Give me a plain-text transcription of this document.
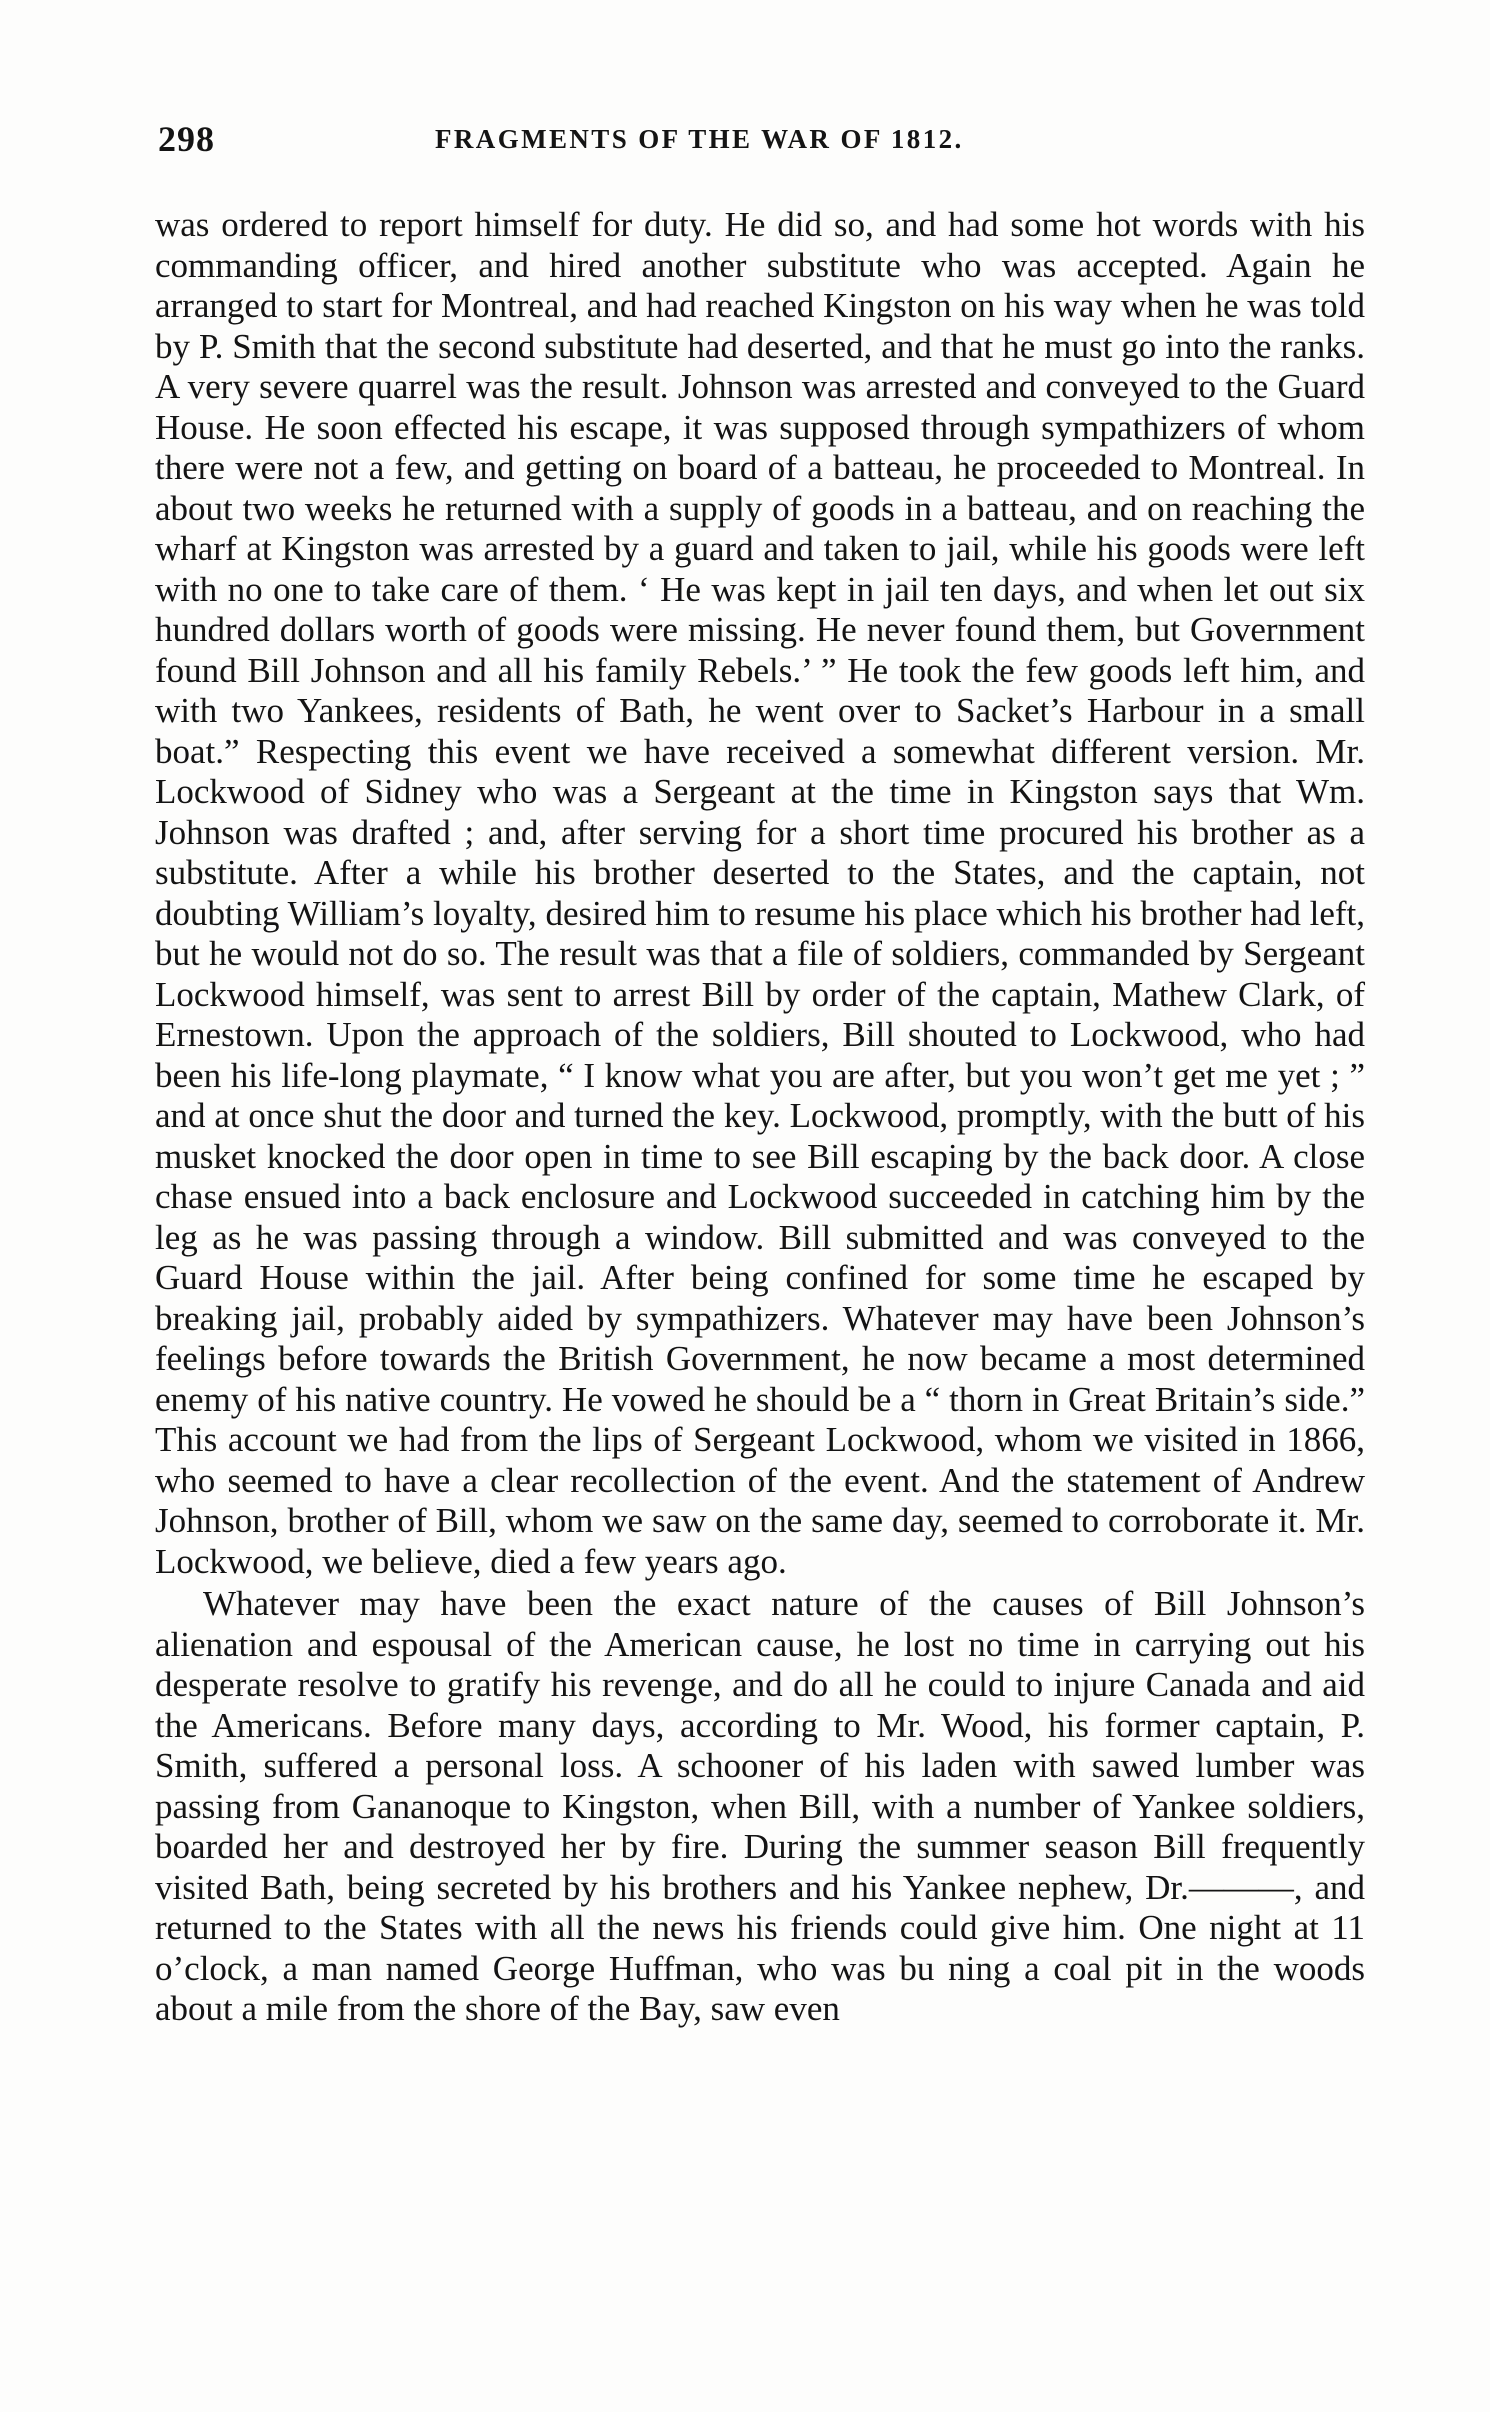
298	FRAGMENTS OF THE WAR OF 1812.

was ordered to report himself for duty. He did so, and had some hot words with his commanding officer, and hired another substitute who was accepted. Again he arranged to start for Montreal, and had reached Kingston on his way when he was told by P. Smith that the second substitute had deserted, and that he must go into the ranks. A very severe quarrel was the result. Johnson was arrested and conveyed to the Guard House. He soon effected his escape, it was supposed through sympathizers of whom there were not a few, and getting on board of a batteau, he proceeded to Montreal. In about two weeks he returned with a supply of goods in a batteau, and on reaching the wharf at Kingston was arrested by a guard and taken to jail, while his goods were left with no one to take care of them. ‘ He was kept in jail ten days, and when let out six hundred dollars worth of goods were missing. He never found them, but Government found Bill Johnson and all his family Rebels.’ ” He took the few goods left him, and with two Yankees, residents of Bath, he went over to Sacket’s Harbour in a small boat.” Respecting this event we have received a somewhat different version. Mr. Lockwood of Sidney who was a Sergeant at the time in Kingston says that Wm. Johnson was drafted ; and, after serving for a short time procured his brother as a substitute. After a while his brother deserted to the States, and the captain, not doubting William’s loyalty, desired him to resume his place which his brother had left, but he would not do so. The result was that a file of soldiers, commanded by Sergeant Lockwood himself, was sent to arrest Bill by order of the captain, Mathew Clark, of Ernestown. Upon the approach of the soldiers, Bill shouted to Lockwood, who had been his life-long playmate, “ I know what you are after, but you won’t get me yet ; ” and at once shut the door and turned the key. Lockwood, promptly, with the butt of his musket knocked the door open in time to see Bill escaping by the back door. A close chase ensued into a back enclosure and Lockwood succeeded in catching him by the leg as he was passing through a window. Bill submitted and was conveyed to the Guard House within the jail. After being confined for some time he escaped by breaking jail, probably aided by sympathizers. Whatever may have been Johnson’s feelings before towards the British Government, he now became a most determined enemy of his native country. He vowed he should be a “ thorn in Great Britain’s side.” This account we had from the lips of Sergeant Lockwood, whom we visited in 1866, who seemed to have a clear recollection of the event. And the statement of Andrew Johnson, brother of Bill, whom we saw on the same day, seemed to corroborate it. Mr. Lockwood, we believe, died a few years ago.

Whatever may have been the exact nature of the causes of Bill Johnson’s alienation and espousal of the American cause, he lost no time in carrying out his desperate resolve to gratify his revenge, and do all he could to injure Canada and aid the Americans. Before many days, according to Mr. Wood, his former captain, P. Smith, suffered a personal loss. A schooner of his laden with sawed lumber was passing from Gananoque to Kingston, when Bill, with a number of Yankee soldiers, boarded her and destroyed her by fire. During the summer season Bill frequently visited Bath, being secreted by his brothers and his Yankee nephew, Dr.———, and returned to the States with all the news his friends could give him. One night at 11 o’clock, a man named George Huffman, who was bu ning a coal pit in the woods about a mile from the shore of the Bay, saw even
